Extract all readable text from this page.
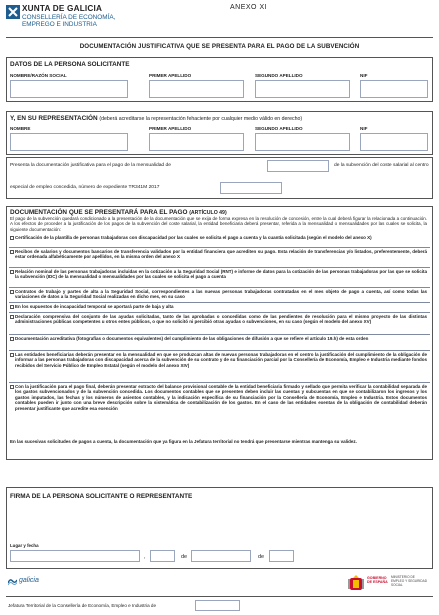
XUNTA DE GALICIA
CONSELLERÍA DE ECONOMÍA,
EMPREGO E INDUSTRIA
ANEXO XI
DOCUMENTACIÓN JUSTIFICATIVA QUE SE PRESENTA PARA EL PAGO DE LA SUBVENCIÓN
DATOS DE LA PERSONA SOLICITANTE
NOMBRE/RAZÓN SOCIAL	PRIMER APELLIDO	SEGUNDO APELLIDO	NIF
Y, EN SU REPRESENTACIÓN (deberá acreditarse la representación fehaciente por cualquier medio válido en derecho)
NOMBRE	PRIMER APELLIDO	SEGUNDO APELLIDO	NIF
Presenta la documentación justificativa para el pago de la mensualidad de	de la subvención del coste salarial al centro
especial de empleo concedida, número de expediente TR341M 2017
DOCUMENTACIÓN QUE SE PRESENTARÁ PARA EL PAGO (ARTÍCULO 49)
El pago de la subvención quedará condicionado a la presentación de la documentación que se exija de forma expresa en la resolución de concesión, entre la cual deberá figurar la relacionada a continuación. A los efectos de proceder a la justificación de los pagos de la subvención del coste salarial, la entidad beneficiaria deberá presentar, referida a la mensualidad o mensualidades por las cuales se solicita, la siguiente documentación:
Certificación de la plantilla de personas trabajadoras con discapacidad por las cuales se solicita el pago a cuenta y la cuantía solicitada (según el modelo del anexo X)
Recibos de salarios y documentos bancarios de transferencia validados por la entidad financiera que acrediten su pago. Esta relación de transferencias y/o listados, preferentemente, deberá estar ordenada alfabéticamente por apellidos, en la misma orden del anexo X
Relación nominal de las personas trabajadoras incluidas en la cotización a la Seguridad Social (RNT) e informe de datos para la cotización de las personas trabajadoras por las que se solicita la subvención (IDC) de la mensualidad o mensualidades por las cuales se solicita el pago a cuenta
Contratos de trabajo y partes de alta a la Seguridad Social, correspondientes a las nuevas personas trabajadoras contratadas en el mes objeto de pago a cuenta, así como todas las variaciones de datos a la Seguridad Social realizadas en dicho mes, en su caso
En los supuestos de incapacidad temporal se aportará parte de baja y alta
Declaración comprensiva del conjunto de las ayudas solicitadas, tanto de las aprobadas o concedidas como de las pendientes de resolución para el mismo proyecto de las distintas administraciones públicas competentes u otros entes públicos, o que no solicitó ni percibió otras ayudas o subvenciones, en su caso (según el modelo del anexo XV)
Documentación acreditativa (fotografías o documentos equivalentes) del cumplimiento de las obligaciones de difusión a que se refiere el artículo 19.h) de esta orden
Las entidades beneficiarias deberán presentar en la mensualidad en que se produzcan altas de nuevas personas trabajadoras en el centro la justificación del cumplimiento de la obligación de informar a las personas trabajadoras con discapacidad acerca de la subvención de su contrato y de su financiación parcial por la Consellería de Economía, Empleo e Industria mediante fondos recibidos del Servicio Público de Empleo Estatal (según el modelo del anexo XIV)
Con la justificación para el pago final, deberán presentar extracto del balance provisional contable de la entidad beneficiaria firmado y sellado que permita verificar la contabilidad separada de los gastos subvencionados y de la subvención concedida. Los documentos contables que se presenten deben incluir las cuentas y subcuentas en que se contabilizaron los ingresos y los gastos imputados, las fechas y los números de asientos contables, y la indicación específica de su financiación por la Consellería de Economía, Empleo e Industria. Estos documentos contables pueden ir junto con una breve descripción sobre la sistemática de contabilización de los gastos. En el caso de las entidades exentas de la obligación de contabilidad deberán presentar justificante que acredite esa exención
En las sucesivas solicitudes de pagos a cuenta, la documentación que ya figura en la Jefatura territorial no tendrá que presentarse mientras mantenga su validez.
FIRMA DE LA PERSONA SOLICITANTE O REPRESENTANTE
Lugar y fecha
,	de	de
galicia	GOBIERNO
DE ESPAÑA
MINISTERIO DE EMPLEO Y SEGURIDAD SOCIAL
Jefatura Territorial de la Consellería de Economía, Empleo e Industria de
